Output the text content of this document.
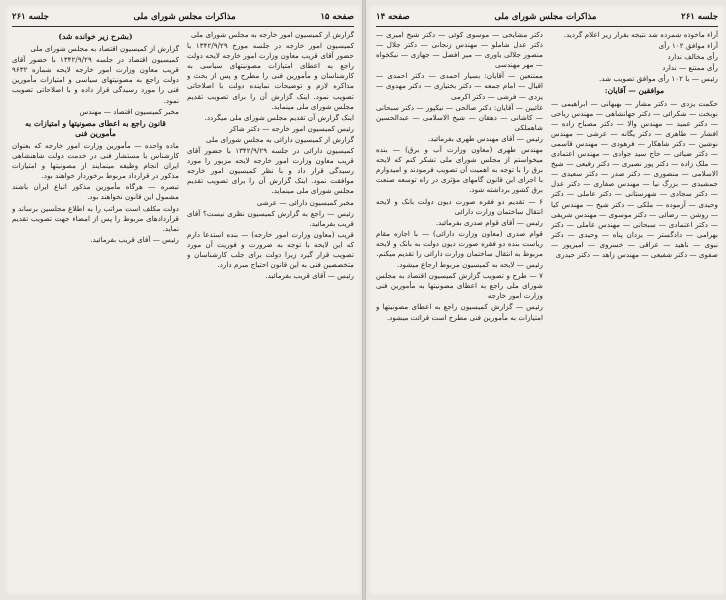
صفحه ۱۵
مذاکرات مجلس شورای ملی
جلسه ۲۶۱

گزارش از کمیسیون امور خارجه به مجلس شورای ملی

کمیسیون امور خارجه در جلسه مورخ ۱۳۴۲/۹/۲۹ با حضور آقای قریب معاون وزارت امور خارجه لایحه دولت راجع به اعطای امتیازات مصونیتهای سیاسی به کارشناسان و مأمورین فنی را مطرح و پس از بحث و مذاکره لازم و توضیحات نماینده دولت با اصلاحاتی تصویب نمود. اینک گزارش آن را برای تصویب تقدیم مجلس شورای ملی مینماید.

اینک گزارش آن تقدیم مجلس شورای ملی میگردد.

رئیس کمیسیون امور خارجه — دکتر شاکر

گزارش از کمیسیون دارائی به مجلس شورای ملی

کمیسیون دارائی در جلسه ۱۳۴۲/۹/۲۹ با حضور آقای قریب معاون وزارت امور خارجه لایحه مزبور را مورد رسیدگی قرار داد و با نظر کمیسیون امور خارجه موافقت نمود. اینک گزارش آن را برای تصویب تقدیم مجلس شورای ملی مینماید.

مخبر کمیسیون دارائی — عرشی

رئیس — راجع به گزارش کمیسیون نظری نیست؟ آقای قریب بفرمائید.

قریب (معاون وزارت امور خارجه) — بنده استدعا دارم که این لایحه با توجه به ضرورت و فوریت آن مورد تصویب قرار گیرد زیرا دولت برای جلب کارشناسان و متخصصین فنی به این قانون احتیاج مبرم دارد.

رئیس — آقای قریب بفرمائید.

(بشرح زیر خوانده شد)

گزارش از کمیسیون اقتصاد به مجلس شورای ملی

کمیسیون اقتصاد در جلسه ۱۳۴۲/۹/۲۹ با حضور آقای قریب معاون وزارت امور خارجه لایحه شماره ۹۶۳۲ دولت راجع به مصونیتهای سیاسی و امتیازات مأمورین فنی را مورد رسیدگی قرار داده و با اصلاحاتی تصویب نمود.

مخبر کمیسیون اقتصاد — مهندس

قانون راجع به اعطای مصونیتها و امتیازات به مأمورین فنی

ماده واحده — مأمورین وزارت امور خارجه که بعنوان کارشناس یا مستشار فنی در خدمت دولت شاهنشاهی ایران انجام وظیفه مینمایند از مصونیتها و امتیازات مذکور در قرارداد مربوط برخوردار خواهند بود.

تبصره — هرگاه مأمورین مذکور اتباع ایران باشند مشمول این قانون نخواهند بود.

دولت مکلف است مراتب را به اطلاع مجلسین برساند و قراردادهای مربوط را پس از امضاء جهت تصویب تقدیم نماید.

رئیس — آقای قریب بفرمائید.

جلسه ۲۶۱
مذاکرات مجلس شورای ملی
صفحه ۱۴

آراء ماخوذه شمرده شد نتیجه بقرار زیر اعلام گردید.

آراء موافق ۱۰۲ رأی

رأی مخالف ندارد

رأی ممتنع — ندارد

رئیس — با ۱۰۲ رأی موافق تصویب شد.

موافقین — آقایان:

حکمت یزدی — دکتر مشار — بهبهانی — ابراهیمی — نوبخت — شکرائی — دکتر جهانشاهی — مهندس ریاحی — دکتر عمید — مهندس والا — دکتر مصباح زاده — افشار — طاهری — دکتر یگانه — عرشی — مهندس نوشین — دکتر شاهکار — فرهودی — مهندس قاسمی — دکتر ضیائی — حاج سید جوادی — مهندس اعتمادی — ملک زاده — دکتر پور نصیری — دکتر رفیعی — شیخ الاسلامی — منصوری — دکتر صدر — دکتر سعیدی — جمشیدی — بزرگ نیا — مهندس صفاری — دکتر عدل — دکتر سجادی — شهرستانی — دکتر عاملی — دکتر وحیدی — آزموده — ملکی — دکتر شیخ — مهندس کیا — روشن — رضائی — دکتر موسوی — مهندس شریفی — دکتر اعتمادی — سبحانی — مهندس عاملی — دکتر بهرامی — دادگستر — یزدان پناه — وحیدی — دکتر نبوی — ناهید — عراقی — خسروی — امیرپور — صفوی — دکتر شفیعی — مهندس زاهد — دکتر حیدری

دکتر مشایخی — موسوی کوئی — دکتر شیخ امیری — دکتر عدل شاملو — مهندس زنجانی — دکتر جلال — منصور جلالی یاوری — میر افضل — جهاری — نیکخواه — مهر مهندسی

ممتنعین — آقایان: بسیار احمدی — دکتر احمدی — اقبال — امام جمعه — دکتر بختیاری — دکتر مهدوی — یزدی — فرشی — دکتر اکرمی

غائبین — آقایان: دکتر صالحی — نیکپور — دکتر سبحانی — کاشانی — دهقان — شیخ الاسلامی — عبدالحسین شاهملکی

رئیس — آقای مهندس طهری بفرمائید.

مهندس طهری (معاون وزارت آب و برق) — بنده میخواستم از مجلس شورای ملی تشکر کنم که لایحه برق را با توجه به اهمیت آن تصویب فرمودند و امیدوارم با اجرای این قانون گامهای مؤثری در راه توسعه صنعت برق کشور برداشته شود.

۶ — تقدیم دو فقره صورت دیون دولت بانک و لایحه انتقال ساختمان وزارت دارائی

رئیس — آقای قوام صدری بفرمائید.

قوام صدری (معاون وزارت دارائی) — با اجازه مقام ریاست بنده دو فقره صورت دیون دولت به بانک و لایحه مربوط به انتقال ساختمان وزارت دارائی را تقدیم میکنم.

رئیس — لایحه به کمیسیون مربوط ارجاع میشود.

۷ — طرح و تصویب گزارش کمیسیون اقتصاد به مجلس شورای ملی راجع به اعطای مصونیتها به مأمورین فنی وزارت امور خارجه

رئیس — گزارش کمیسیون راجع به اعطای مصونیتها و امتیازات به مأمورین فنی مطرح است قرائت میشود.
